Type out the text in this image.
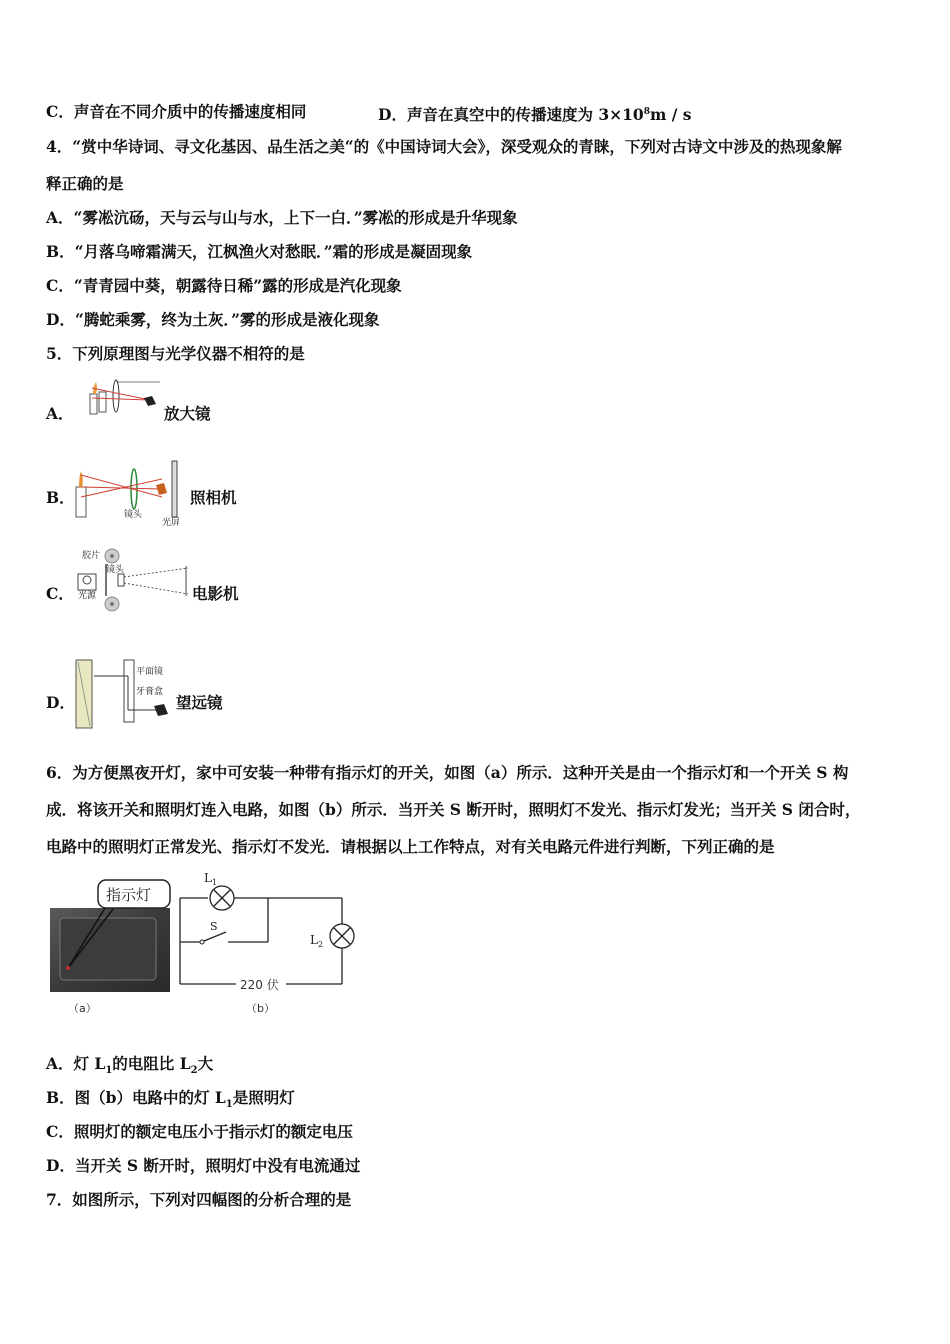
C．声音在不同介质中的传播速度相同	D．声音在真空中的传播速度为 $3\times 10^8m / s$
4．“赏中华诗词、寻文化基因、品生活之美“的《中国诗词大会》，深受观众的青睐，下列对古诗文中涉及的热现象解
释正确的是
A．“雾凇沆砀，天与云与山与水，上下一白．”雾凇的形成是升华现象
B．“月落乌啼霜满天，江枫渔火对愁眠．”霜的形成是凝固现象
C．“青青园中葵，朝露待日稀”露的形成是汽化现象
D．“腾蛇乘雾，终为土灰．”雾的形成是液化现象
5．下列原理图与光学仪器不相符的是
A．	放大镜
B．
镜头
光屏
照相机
C．
胶片
镜头
光源	电影机
D．
平面镜
牙膏盒
望远镜
6．为方便黑夜开灯，家中可安装一种带有指示灯的开关，如图（a）所示．这种开关是由一个指示灯和一个开关 S 构
成．将该开关和照明灯连入电路，如图（b）所示．当开关 S 断开时，照明灯不发光、指示灯发光；当开关 S 闭合时，
电路中的照明灯正常发光、指示灯不发光．请根据以上工作特点，对有关电路元件进行判断，下列正确的是
指示灯
（a）
$L_1$
S
$L_2$
220 伏
（b）
A．灯 $L_1$的电阻比 $L_2$大
B．图（b）电路中的灯 $L_1$是照明灯
C．照明灯的额定电压小于指示灯的额定电压
D．当开关 S 断开时，照明灯中没有电流通过
7．如图所示，下列对四幅图的分析合理的是
